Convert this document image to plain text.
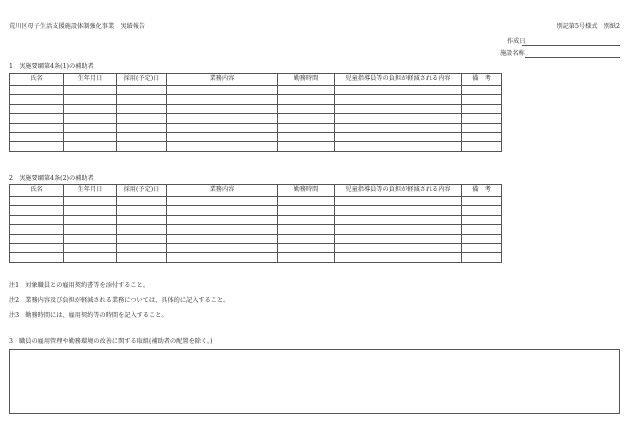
荒川区母子生活支援施設体制強化事業　実績報告	別記第5号様式　別紙2
作成日
施設名称
1　実施要綱第4条(1)の補助者
氏名	生年月日	採用(予定)日	業務内容	勤務時間	児童指導員等の負担が軽減される内容	備　考

2　実施要綱第4条(2)の補助者
氏名	生年月日	採用(予定)日	業務内容	勤務時間	児童指導員等の負担が軽減される内容	備　考

注1　対象職員との雇用契約書等を添付すること。
注2　業務内容及び負担が軽減される業務については、具体的に記入すること。
注3　勤務時間には、雇用契約等の時間を記入すること。
3　職員の雇用管理や勤務環境の改善に関する取組(補助者の配置を除く。)
